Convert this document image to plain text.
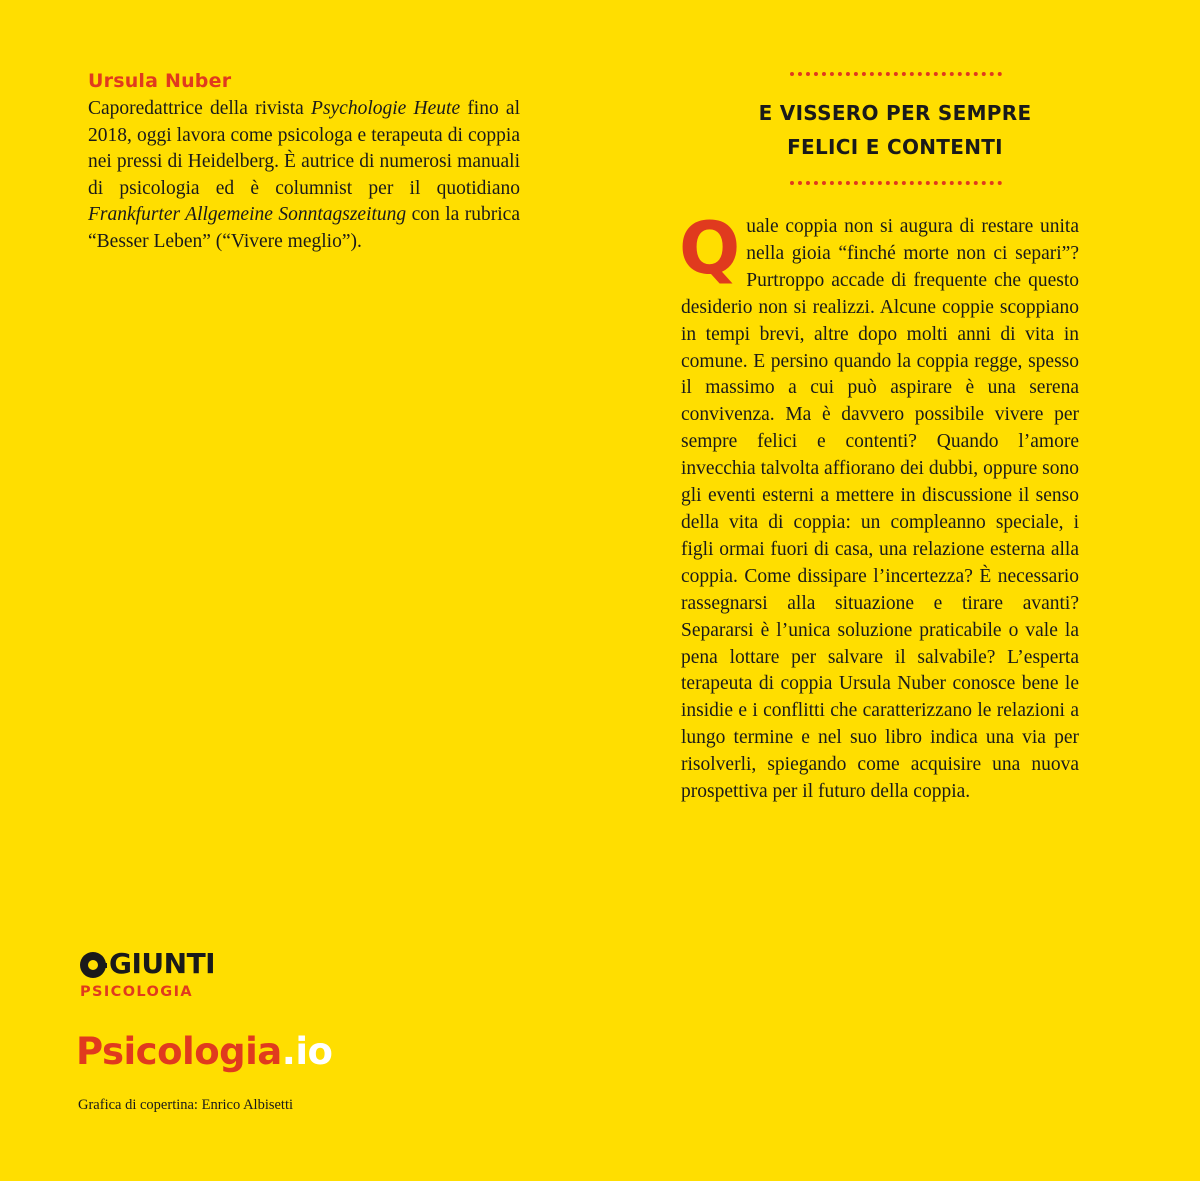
Ursula Nuber
Caporedattrice della rivista Psychologie Heute fino al 2018, oggi lavora come psicologa e terapeuta di coppia nei pressi di Heidelberg. È autrice di numerosi manuali di psicologia ed è columnist per il quotidiano Frankfurter Allgemeine Sonntagszeitung con la rubrica “Besser Leben” (“Vivere meglio”).
E VISSERO PER SEMPRE
FELICI E CONTENTI
Q uale coppia non si augura di restare unita nella gioia “finché morte non ci separi”? Purtroppo accade di frequente che questo desiderio non si realizzi. Alcune coppie scoppiano in tempi brevi, altre dopo molti anni di vita in comune. E persino quando la coppia regge, spesso il massimo a cui può aspirare è una serena convivenza. Ma è davvero possibile vivere per sempre felici e contenti? Quando l’amore invecchia talvolta affiorano dei dubbi, oppure sono gli eventi esterni a mettere in discussione il senso della vita di coppia: un compleanno speciale, i figli ormai fuori di casa, una relazione esterna alla coppia. Come dissipare l’incertezza? È necessario rassegnarsi alla situazione e tirare avanti? Separarsi è l’unica soluzione praticabile o vale la pena lottare per salvare il salvabile? L’esperta terapeuta di coppia Ursula Nuber conosce bene le insidie e i conflitti che caratterizzano le relazioni a lungo termine e nel suo libro indica una via per risolverli, spiegando come acquisire una nuova prospettiva per il futuro della coppia.

GIUNTI
PSICOLOGIA
Psicologia.io
Grafica di copertina: Enrico Albisetti
